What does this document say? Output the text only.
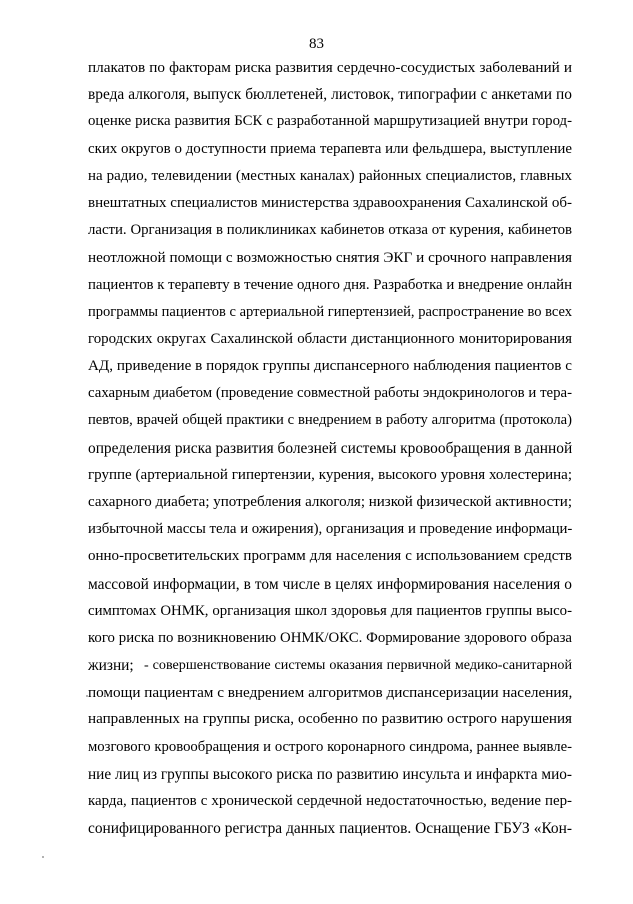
83
плакатов по факторам риска развития сердечно-сосудистых заболеваний и
вреда алкоголя, выпуск бюллетеней, листовок, типографии с анкетами по
оценке риска развития БСК с разработанной маршрутизацией внутри город-
ских округов о доступности приема терапевта или фельдшера, выступление
на радио, телевидении (местных каналах) районных специалистов, главных
внештатных специалистов министерства здравоохранения Сахалинской об-
ласти. Организация в поликлиниках кабинетов отказа от курения, кабинетов
неотложной помощи с возможностью снятия ЭКГ и срочного направления
пациентов к терапевту в течение одного дня. Разработка и внедрение онлайн
программы пациентов с артериальной гипертензией, распространение во всех
городских округах Сахалинской области дистанционного мониторирования
АД, приведение в порядок группы диспансерного наблюдения пациентов с
сахарным диабетом (проведение совместной работы эндокринологов и тера-
певтов, врачей общей практики с внедрением в работу алгоритма (протокола)
определения риска развития болезней системы кровообращения в данной
группе (артериальной гипертензии, курения, высокого уровня холестерина;
сахарного диабета; употребления алкоголя; низкой физической активности;
избыточной массы тела и ожирения), организация и проведение информаци-
онно-просветительских программ для населения с использованием средств
массовой информации, в том числе в целях информирования населения о
симптомах ОНМК, организация школ здоровья для пациентов группы высо-
кого риска по возникновению ОНМК/ОКС. Формирование здорового образа
жизни; - совершенствование системы оказания первичной медико-санитарной
помощи пациентам с внедрением алгоритмов диспансеризации населения,
направленных на группы риска, особенно по развитию острого нарушения
мозгового кровообращения и острого коронарного синдрома, раннее выявле-
ние лиц из группы высокого риска по развитию инсульта и инфаркта мио-
карда, пациентов с хронической сердечной недостаточностью, ведение пер-
сонифицированного регистра данных пациентов. Оснащение ГБУЗ «Кон-
